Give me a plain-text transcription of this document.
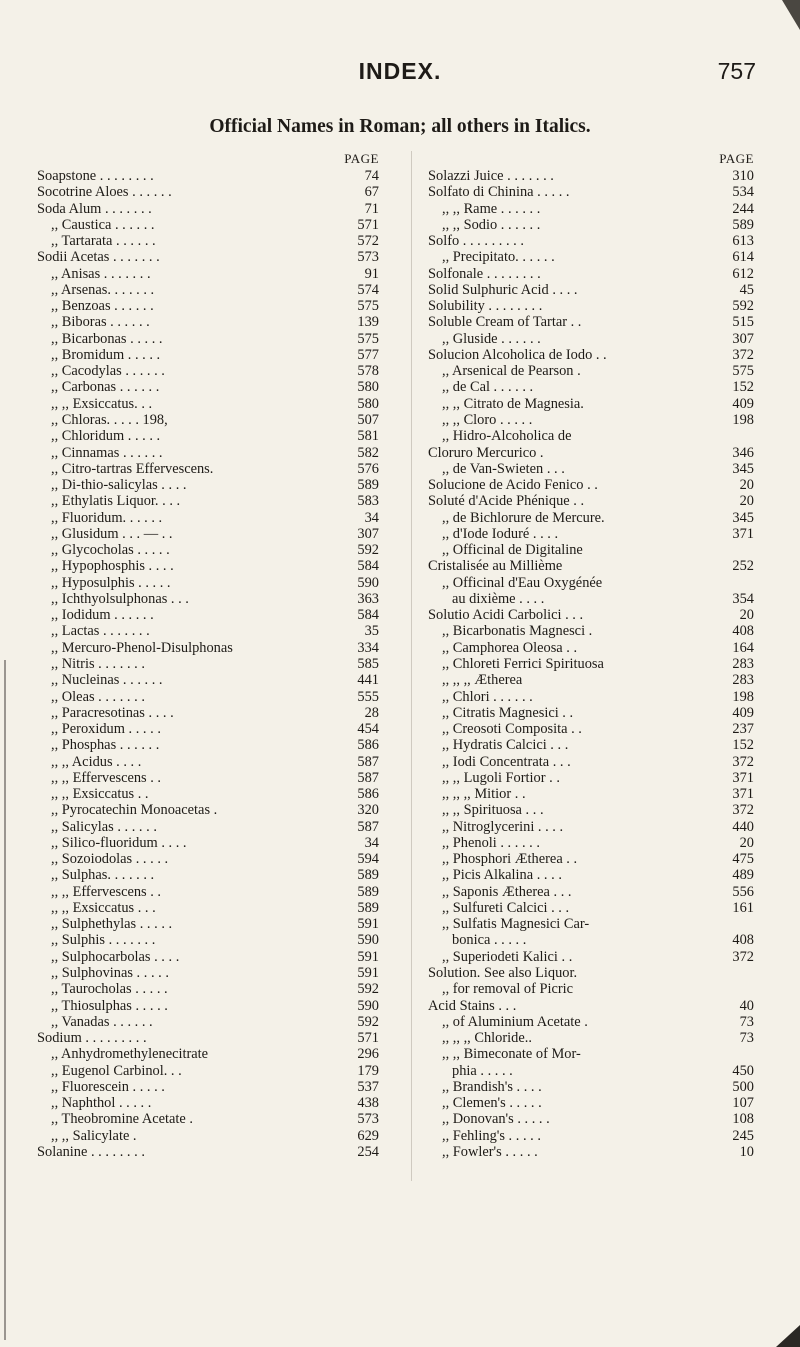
INDEX.	757
Official Names in Roman; all others in Italics.
PAGE
Soapstone . . . . . . . .	74
Socotrine Aloes . . . . . .	67
Soda Alum . . . . . . .	71
,, Caustica . . . . . .	571
,, Tartarata . . . . . .	572
Sodii Acetas . . . . . . .	573
,, Anisas . . . . . . .	91
,, Arsenas. . . . . . .	574
,, Benzoas . . . . . .	575
,, Biboras . . . . . .	139
,, Bicarbonas . . . . .	575
,, Bromidum . . . . .	577
,, Cacodylas . . . . . .	578
,, Carbonas . . . . . .	580
,, ,, Exsiccatus. . .	580
,, Chloras. . . . . 198,	507
,, Chloridum . . . . .	581
,, Cinnamas . . . . . .	582
,, Citro-tartras Effervescens.	576
,, Di-thio-salicylas . . . .	589
,, Ethylatis Liquor. . . .	583
,, Fluoridum. . . . . .	34
,, Glusidum . . . — . .	307
,, Glycocholas . . . . .	592
,, Hypophosphis . . . .	584
,, Hyposulphis . . . . .	590
,, Ichthyolsulphonas . . .	363
,, Iodidum . . . . . .	584
,, Lactas . . . . . . .	35
,, Mercuro-Phenol-Disulphonas	334
,, Nitris . . . . . . .	585
,, Nucleinas . . . . . .	441
,, Oleas . . . . . . .	555
,, Paracresotinas . . . .	28
,, Peroxidum . . . . .	454
,, Phosphas . . . . . .	586
,, ,, Acidus . . . .	587
,, ,, Effervescens . .	587
,, ,, Exsiccatus . .	586
,, Pyrocatechin Monoacetas .	320
,, Salicylas . . . . . .	587
,, Silico-fluoridum . . . .	34
,, Sozoiodolas . . . . .	594
,, Sulphas. . . . . . .	589
,, ,, Effervescens . .	589
,, ,, Exsiccatus . . .	589
,, Sulphethylas . . . . .	591
,, Sulphis . . . . . . .	590
,, Sulphocarbolas . . . .	591
,, Sulphovinas . . . . .	591
,, Taurocholas . . . . .	592
,, Thiosulphas . . . . .	590
,, Vanadas . . . . . .	592
Sodium . . . . . . . . .	571
,, Anhydromethylenecitrate	296
,, Eugenol Carbinol. . .	179
,, Fluorescein . . . . .	537
,, Naphthol . . . . .	438
,, Theobromine Acetate .	573
,, ,, Salicylate .	629
Solanine . . . . . . . .	254
PAGE
Solazzi Juice . . . . . . .	310
Solfato di Chinina . . . . .	534
,, ,, Rame . . . . . .	244
,, ,, Sodio . . . . . .	589
Solfo . . . . . . . . .	613
,, Precipitato. . . . . .	614
Solfonale . . . . . . . .	612
Solid Sulphuric Acid . . . .	45
Solubility . . . . . . . .	592
Soluble Cream of Tartar . .	515
,, Gluside . . . . . .	307
Solucion Alcoholica de Iodo . .	372
,, Arsenical de Pearson .	575
,, de Cal . . . . . .	152
,, ,, Citrato de Magnesia.	409
,, ,, Cloro . . . . .	198
,, Hidro-Alcoholica de
Cloruro Mercurico .	346
,, de Van-Swieten . . .	345
Solucione de Acido Fenico . .	20
Soluté d'Acide Phénique . .	20
,, de Bichlorure de Mercure.	345
,, d'Iode Ioduré . . . .	371
,, Officinal de Digitaline
Cristalisée au Millième	252
,, Officinal d'Eau Oxygénée
au dixième . . . .	354
Solutio Acidi Carbolici . . .	20
,, Bicarbonatis Magnesci .	408
,, Camphorea Oleosa . .	164
,, Chloreti Ferrici Spirituosa	283
,, ,, ,, Ætherea	283
,, Chlori . . . . . .	198
,, Citratis Magnesici . .	409
,, Creosoti Composita . .	237
,, Hydratis Calcici . . .	152
,, Iodi Concentrata . . .	372
,, ,, Lugoli Fortior . .	371
,, ,, ,, Mitior . .	371
,, ,, Spirituosa . . .	372
,, Nitroglycerini . . . .	440
,, Phenoli . . . . . .	20
,, Phosphori Ætherea . .	475
,, Picis Alkalina . . . .	489
,, Saponis Ætherea . . .	556
,, Sulfureti Calcici . . .	161
,, Sulfatis Magnesici Car-
bonica . . . . .	408
,, Superiodeti Kalici . .	372
Solution. See also Liquor.
,, for removal of Picric
Acid Stains . . .	40
,, of Aluminium Acetate .	73
,, ,, ,, Chloride..	73
,, ,, Bimeconate of Mor-
phia . . . . .	450
,, Brandish's . . . .	500
,, Clemen's . . . . .	107
,, Donovan's . . . . .	108
,, Fehling's . . . . .	245
,, Fowler's . . . . .	10
